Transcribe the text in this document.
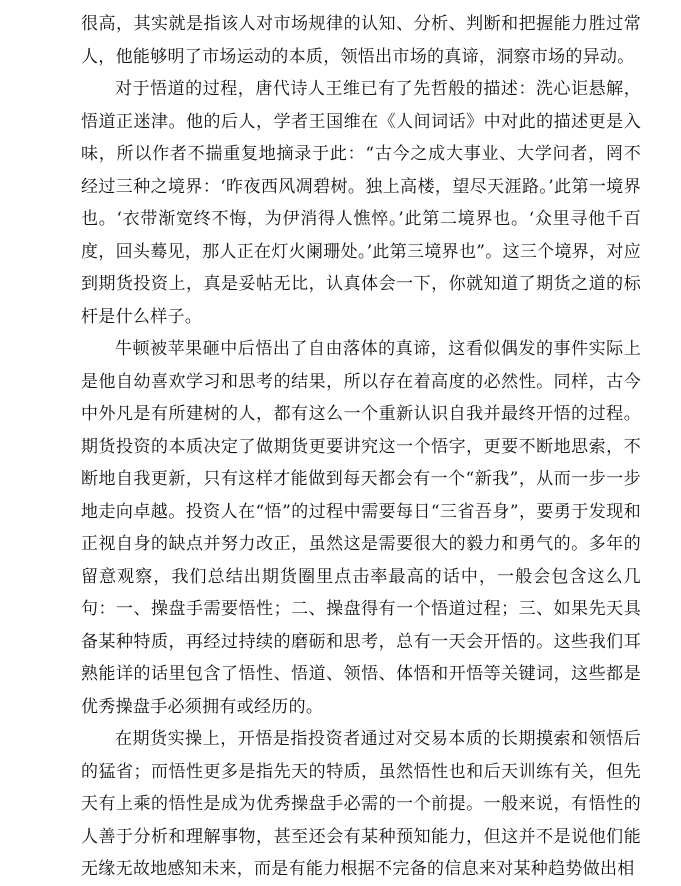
很高，其实就是指该人对市场规律的认知、分析、判断和把握能力胜过常人，他能够明了市场运动的本质，领悟出市场的真谛，洞察市场的异动。

对于悟道的过程，唐代诗人王维已有了先哲般的描述：洗心讵悬解，悟道正迷津。他的后人，学者王国维在《人间词话》中对此的描述更是入味，所以作者不揣重复地摘录于此：“古今之成大事业、大学问者，罔不经过三种之境界：‘昨夜西风凋碧树。独上高楼，望尽天涯路。’此第一境界也。‘衣带渐宽终不悔，为伊消得人憔悴。’此第二境界也。‘众里寻他千百度，回头蓦见，那人正在灯火阑珊处。’此第三境界也”。这三个境界，对应到期货投资上，真是妥帖无比，认真体会一下，你就知道了期货之道的标杆是什么样子。

牛顿被苹果砸中后悟出了自由落体的真谛，这看似偶发的事件实际上是他自幼喜欢学习和思考的结果，所以存在着高度的必然性。同样，古今中外凡是有所建树的人，都有这么一个重新认识自我并最终开悟的过程。期货投资的本质决定了做期货更要讲究这一个悟字，更要不断地思索，不断地自我更新，只有这样才能做到每天都会有一个“新我”，从而一步一步地走向卓越。投资人在“悟”的过程中需要每日“三省吾身”，要勇于发现和正视自身的缺点并努力改正，虽然这是需要很大的毅力和勇气的。多年的留意观察，我们总结出期货圈里点击率最高的话中，一般会包含这么几句：一、操盘手需要悟性；二、操盘得有一个悟道过程；三、如果先天具备某种特质，再经过持续的磨砺和思考，总有一天会开悟的。这些我们耳熟能详的话里包含了悟性、悟道、领悟、体悟和开悟等关键词，这些都是优秀操盘手必须拥有或经历的。

在期货实操上，开悟是指投资者通过对交易本质的长期摸索和领悟后的猛省；而悟性更多是指先天的特质，虽然悟性也和后天训练有关，但先天有上乘的悟性是成为优秀操盘手必需的一个前提。一般来说，有悟性的人善于分析和理解事物，甚至还会有某种预知能力，但这并不是说他们能无缘无故地感知未来，而是有能力根据不完备的信息来对某种趋势做出相
